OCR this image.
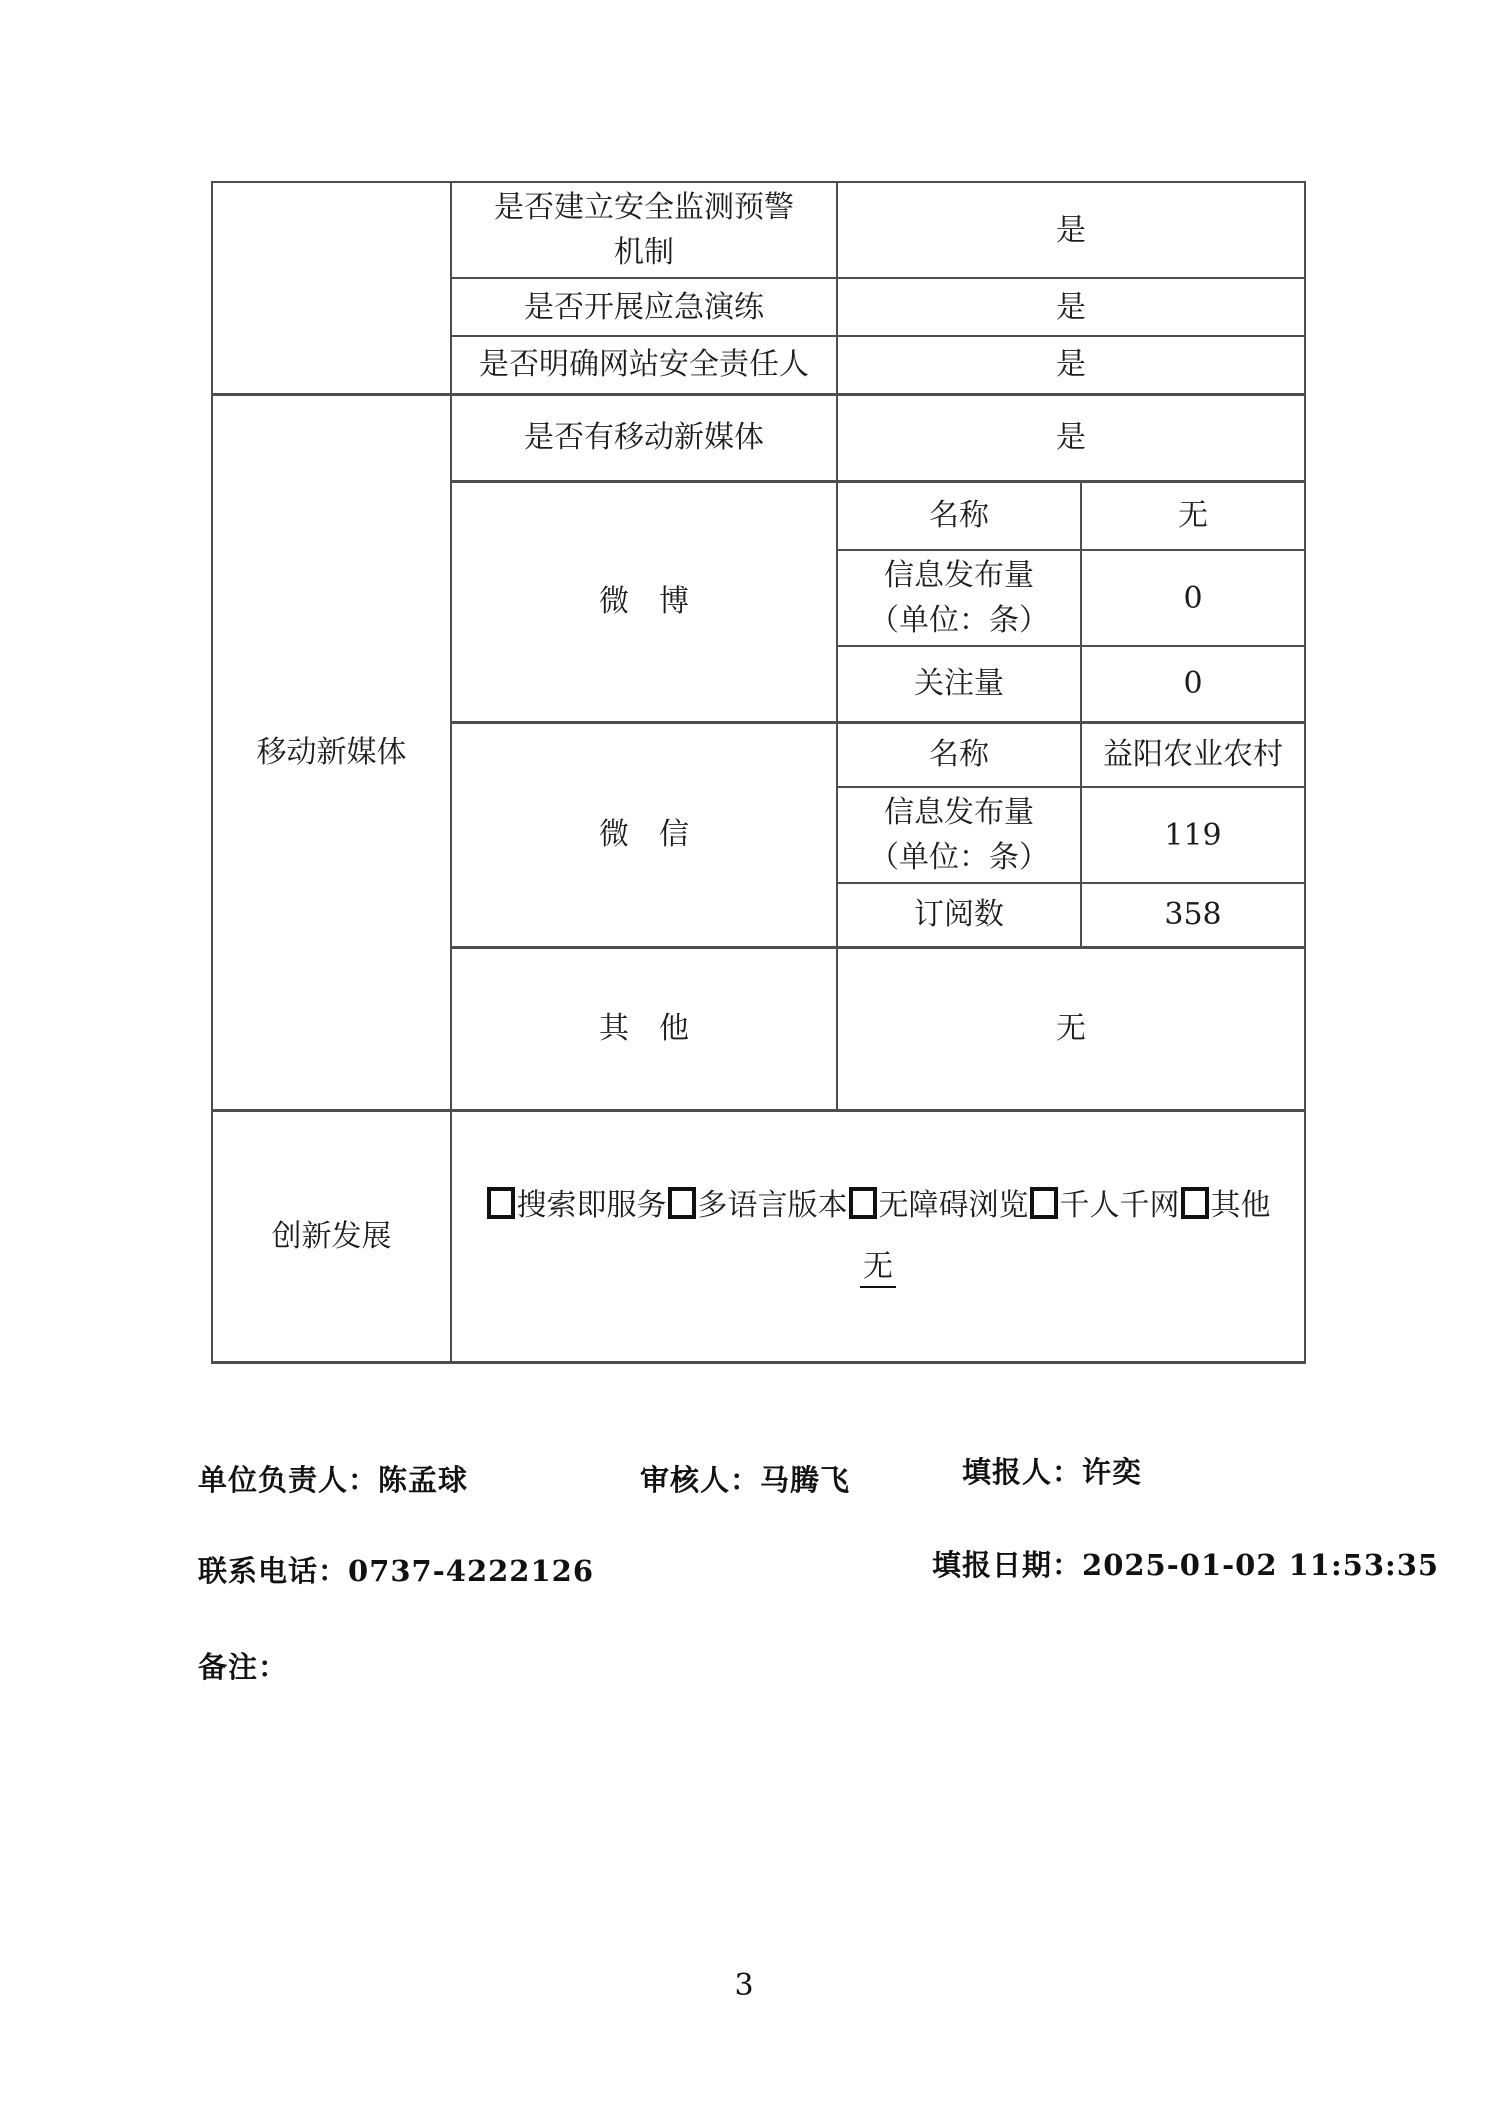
	是否建立安全监测预警
机制	是	
	是否开展应急演练	是	
	是否明确网站安全责任人	是	
移动新媒体	是否有移动新媒体	是	
	微　博	名称	无
		信息发布量
（单位：条）	0
		关注量	0
	微　信	名称	益阳农业农村
		信息发布量
（单位：条）	119
		订阅数	358
	其　他	无	
创新发展	搜索即服务 多语言版本 无障碍浏览 千人千网 其他
无		
单位负责人：陈孟球	审核人：马腾飞	填报人：许奕
联系电话：0737-4222126	填报日期：2025-01-02 11:53:35
备注：
3
